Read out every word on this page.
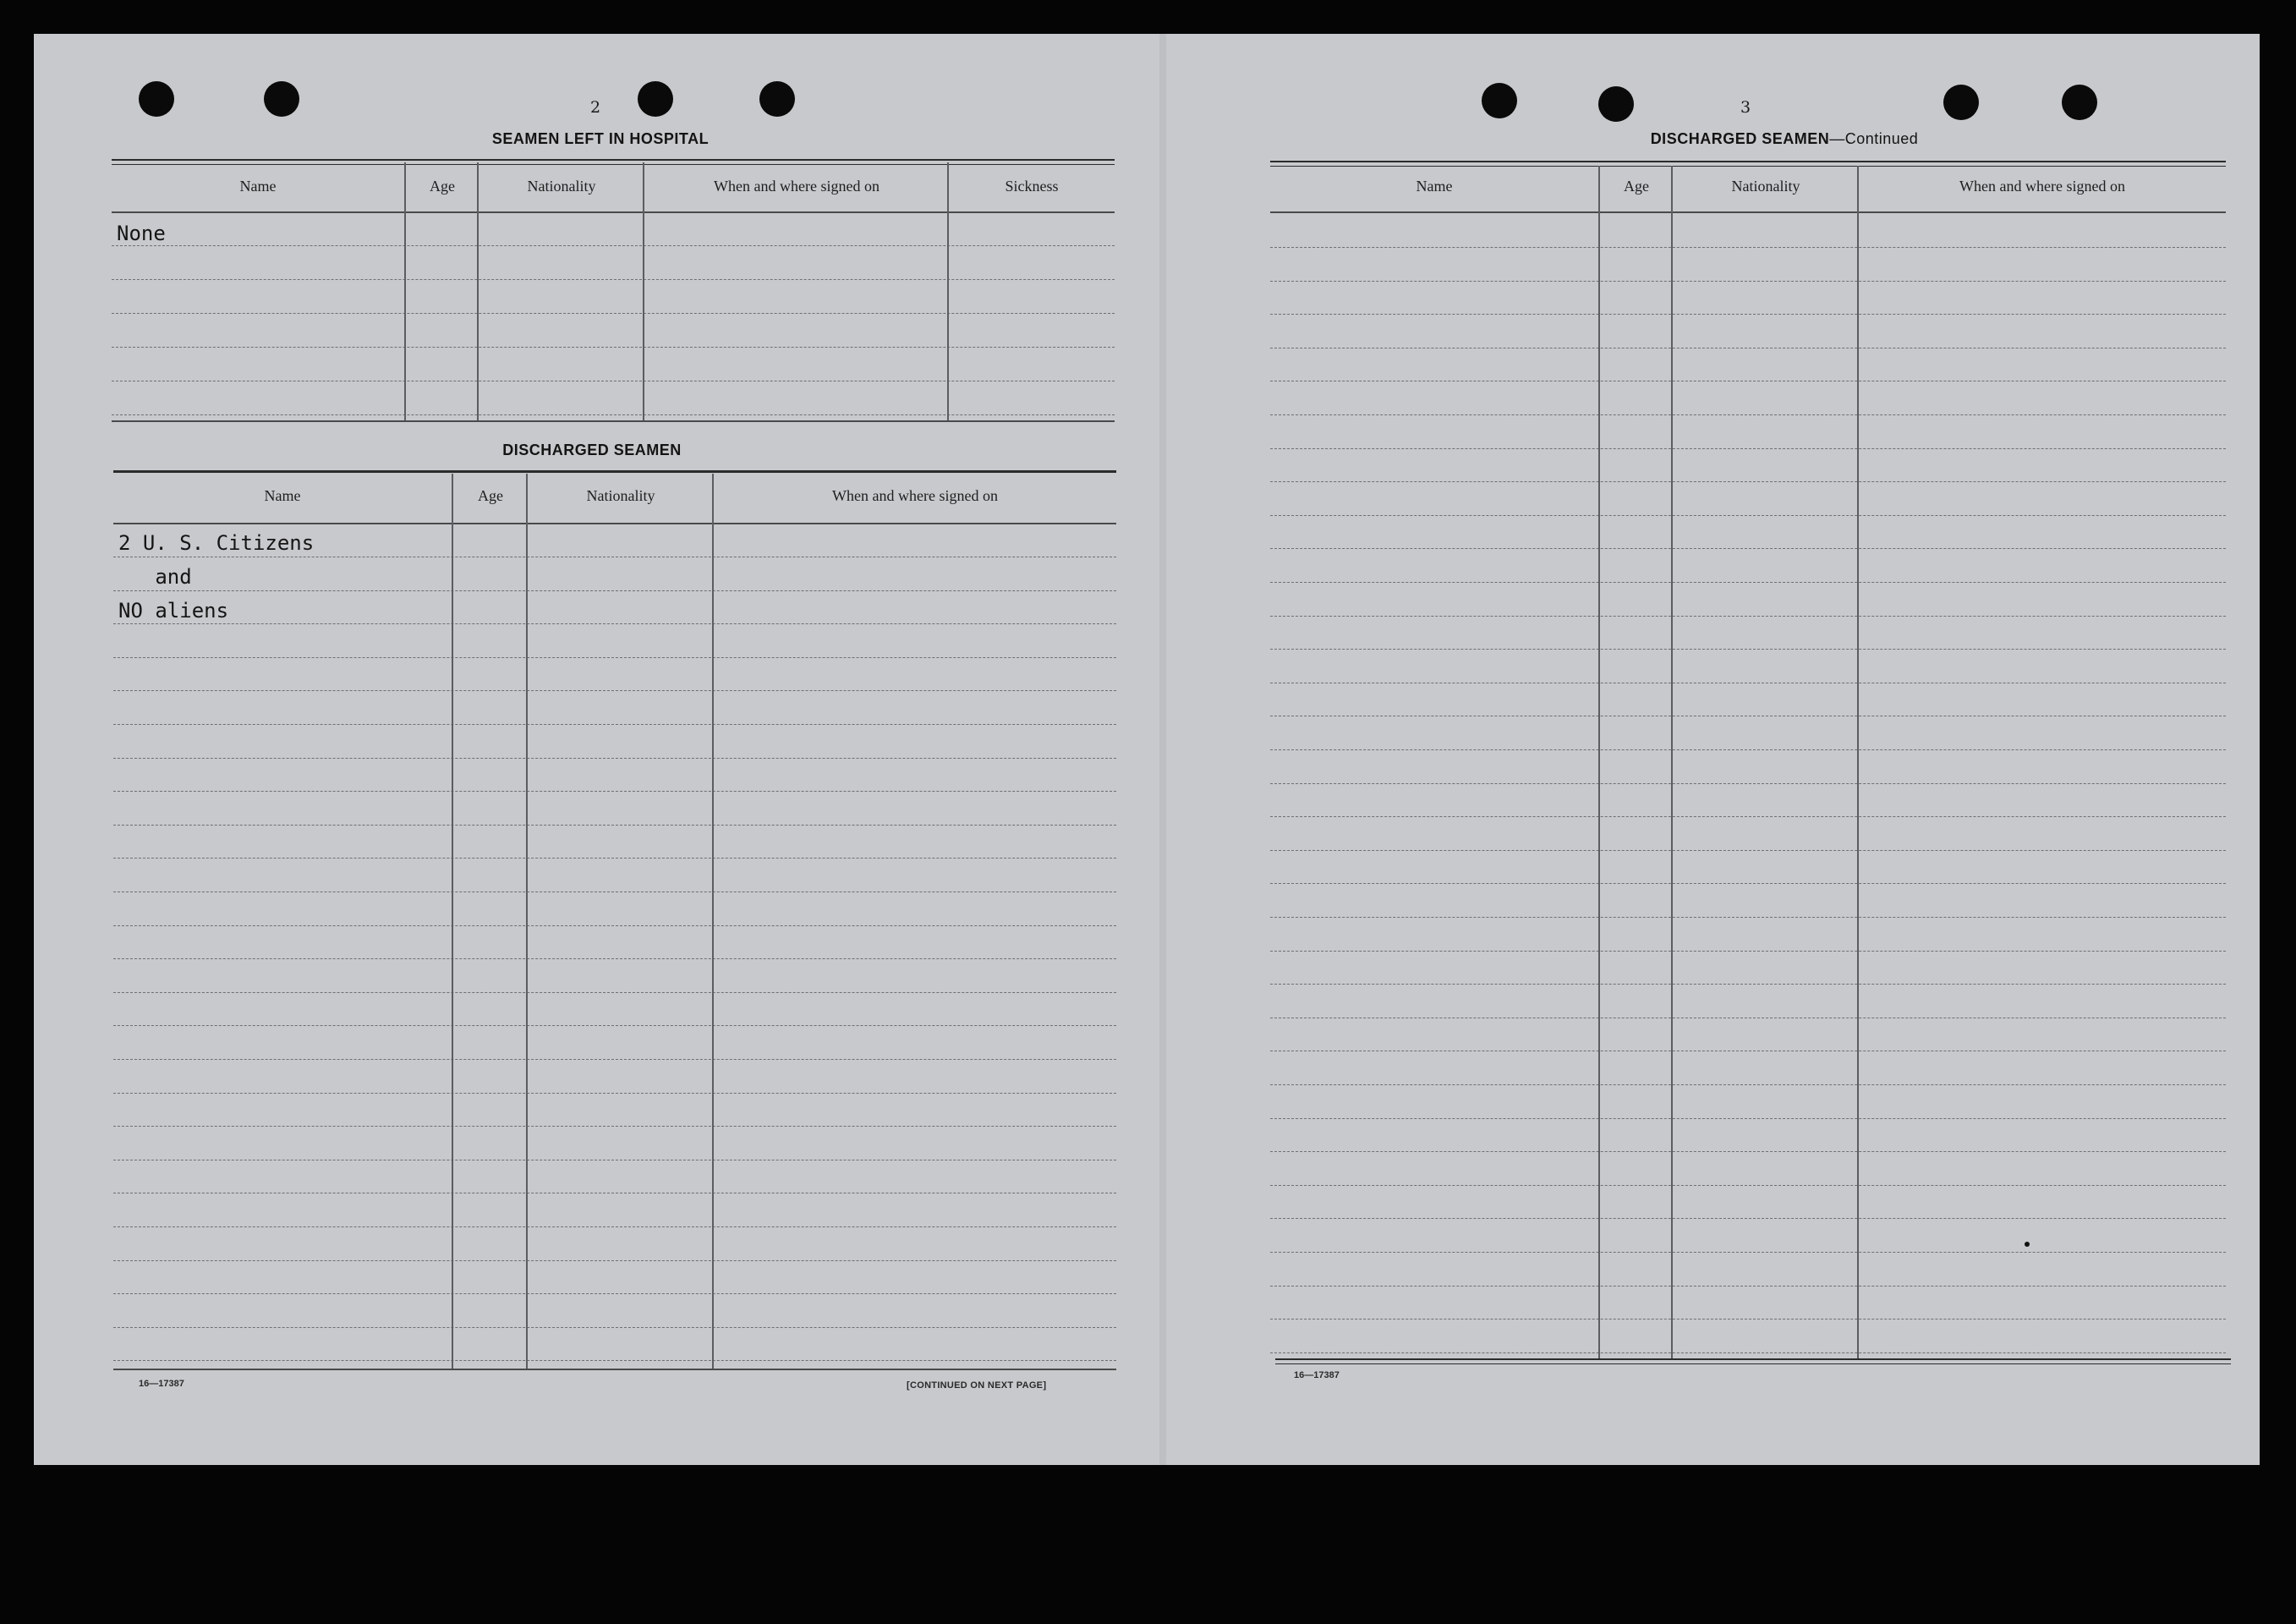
2
SEAMEN LEFT IN HOSPITAL
Name	Age	Nationality	When and where signed on	Sickness
None
DISCHARGED SEAMEN
Name	Age	Nationality	When and where signed on
2 U. S. Citizens
and
NO aliens
16—17387	[CONTINUED ON NEXT PAGE]
3
DISCHARGED SEAMEN—Continued
Name	Age	Nationality	When and where signed on
16—17387
